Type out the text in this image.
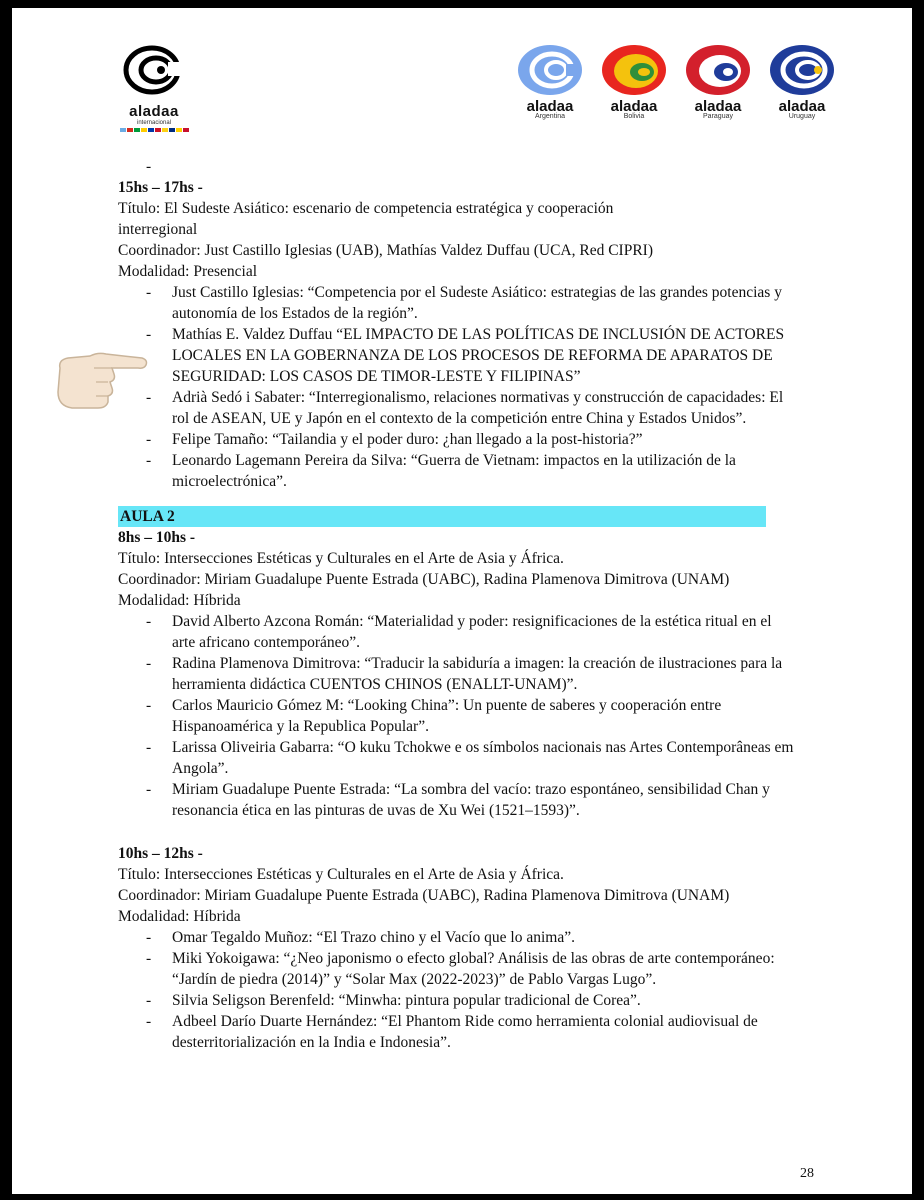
aladaa
internacional
aladaa
Argentina
aladaa
Bolivia
aladaa
Paraguay
aladaa
Uruguay
-

15hs – 17hs -

Título: El Sudeste Asiático: escenario de competencia estratégica y cooperación

interregional

Coordinador: Just Castillo Iglesias (UAB), Mathías Valdez Duffau (UCA, Red CIPRI)

Modalidad: Presencial

- Just Castillo Iglesias: “Competencia por el Sudeste Asiático: estrategias de las grandes potencias y autonomía de los Estados de la región”.
- Mathías E. Valdez Duffau “EL IMPACTO DE LAS POLÍTICAS DE INCLUSIÓN DE ACTORES LOCALES EN LA GOBERNANZA DE LOS PROCESOS DE REFORMA DE APARATOS DE SEGURIDAD: LOS CASOS DE TIMOR-LESTE Y FILIPINAS”
- Adrià Sedó i Sabater: “Interregionalismo, relaciones normativas y construcción de capacidades: El rol de ASEAN, UE y Japón en el contexto de la competición entre China y Estados Unidos”.
- Felipe Tamaño: “Tailandia y el poder duro: ¿han llegado a la post-historia?”
- Leonardo Lagemann Pereira da Silva: “Guerra de Vietnam: impactos en la utilización de la microelectrónica”.
AULA 2

8hs – 10hs -

Título: Intersecciones Estéticas y Culturales en el Arte de Asia y África.

Coordinador: Miriam Guadalupe Puente Estrada (UABC), Radina Plamenova Dimitrova (UNAM)

Modalidad: Híbrida

- David Alberto Azcona Román: “Materialidad y poder: resignificaciones de la estética ritual en el arte africano contemporáneo”.
- Radina Plamenova Dimitrova: “Traducir la sabiduría a imagen: la creación de ilustraciones para la herramienta didáctica CUENTOS CHINOS (ENALLT-UNAM)”.
- Carlos Mauricio Gómez M: “Looking China”: Un puente de saberes y cooperación entre Hispanoamérica y la Republica Popular”.
- Larissa Oliveiria Gabarra: “O kuku Tchokwe e os símbolos nacionais nas Artes Contemporâneas em Angola”.
- Miriam Guadalupe Puente Estrada: “La sombra del vacío: trazo espontáneo, sensibilidad Chan y resonancia ética en las pinturas de uvas de Xu Wei (1521–1593)”.

10hs – 12hs -

Título: Intersecciones Estéticas y Culturales en el Arte de Asia y África.

Coordinador: Miriam Guadalupe Puente Estrada (UABC), Radina Plamenova Dimitrova (UNAM)

Modalidad: Híbrida

- Omar Tegaldo Muñoz: “El Trazo chino y el Vacío que lo anima”.
- Miki Yokoigawa: “¿Neo japonismo o efecto global? Análisis de las obras de arte contemporáneo: “Jardín de piedra (2014)” y “Solar Max (2022-2023)” de Pablo Vargas Lugo”.
- Silvia Seligson Berenfeld: “Minwha: pintura popular tradicional de Corea”.
- Adbeel Darío Duarte Hernández: “El Phantom Ride como herramienta colonial audiovisual de desterritorialización en la India e Indonesia”.
28
